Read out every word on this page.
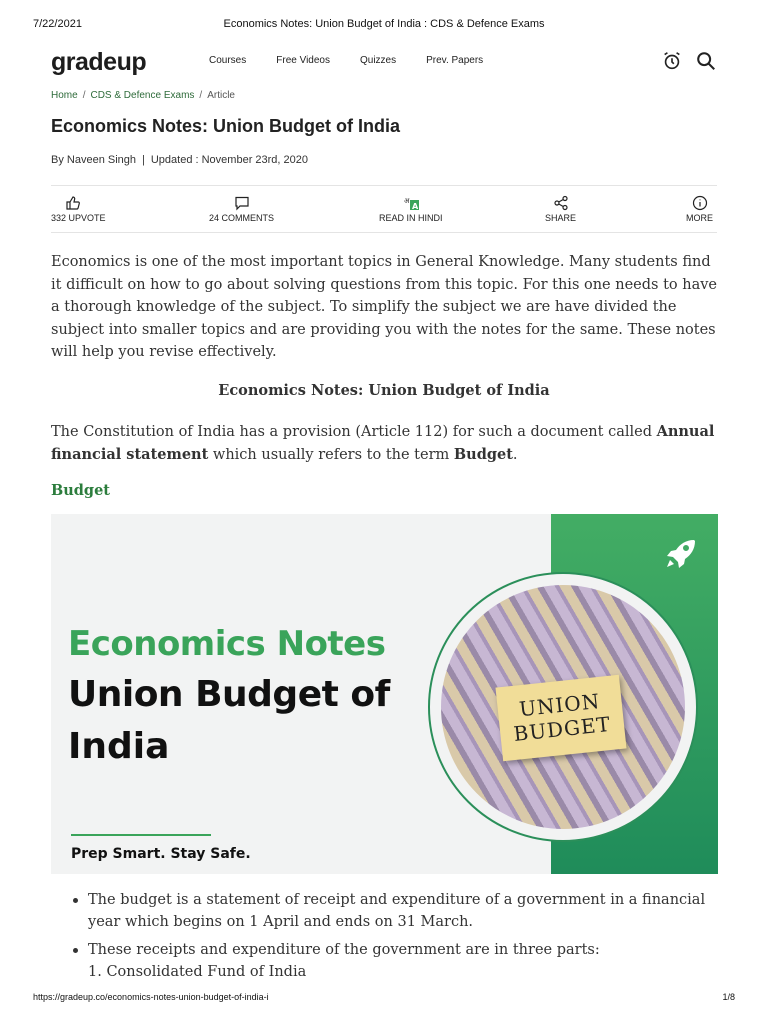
7/22/2021	Economics Notes: Union Budget of India : CDS & Defence Exams
gradeup	Courses	Free Videos	Quizzes	Prev. Papers
Home / CDS & Defence Exams / Article
Economics Notes: Union Budget of India
By Naveen Singh | Updated : November 23rd, 2020
332 UPVOTE	24 COMMENTS
अ
A
READ IN HINDI	SHARE	MORE

Economics is one of the most important topics in General Knowledge. Many students find it difficult on how to go about solving questions from this topic. For this one needs to have a thorough knowledge of the subject. To simplify the subject we are have divided the subject into smaller topics and are providing you with the notes for the same. These notes will help you revise effectively.

Economics Notes: Union Budget of India

The Constitution of India has a provision (Article 112) for such a document called Annual financial statement which usually refers to the term Budget.

Budget
Economics Notes
Union Budget of
India
Prep Smart. Stay Safe.
UNION
BUDGET
The budget is a statement of receipt and expenditure of a government in a financial year which begins on 1 April and ends on 31 March.
These receipts and expenditure of the government are in three parts:
1. Consolidated Fund of India
https://gradeup.co/economics-notes-union-budget-of-india-i	1/8
